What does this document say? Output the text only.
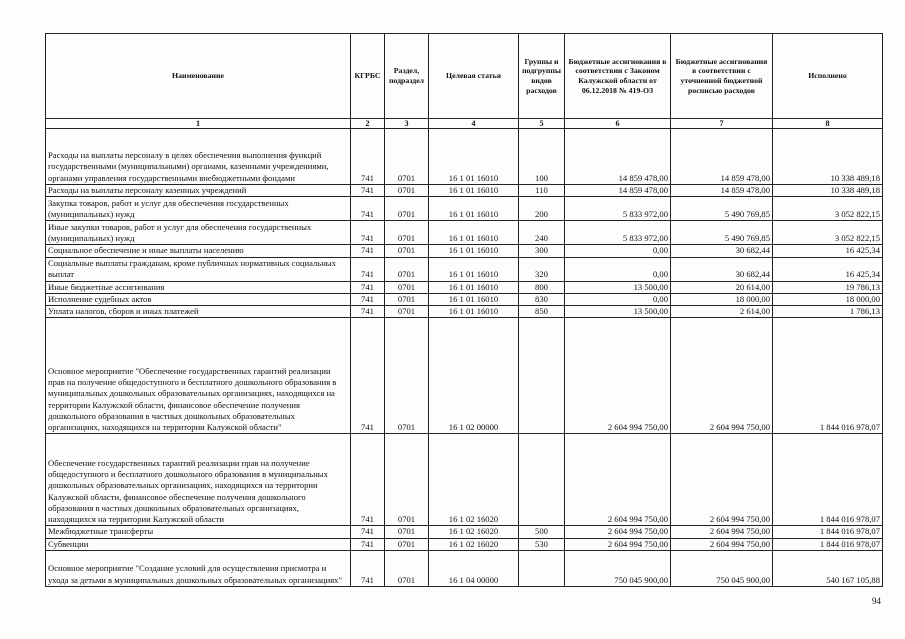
Наименование	КГРБС	Раздел, подраздел	Целевая статья	Группы и подгруппы видов расходов	Бюджетные ассигнования в соответствии с Законом Калужской области от 06.12.2018 № 419-ОЗ	Бюджетные ассигнования в соответствии с уточненной бюджетной росписью расходов	Исполнено
1	2	3	4	5	6	7	8
Расходы на выплаты персоналу в целях обеспечения выполнения функций государственными (муниципальными) органами, казенными учреждениями, органами управления государственными внебюджетными фондами	741	0701	16 1 01 16010	100	14 859 478,00	14 859 478,00	10 338 489,18
Расходы на выплаты персоналу казенных учреждений	741	0701	16 1 01 16010	110	14 859 478,00	14 859 478,00	10 338 489,18
Закупка товаров, работ и услуг для обеспечения государственных (муниципальных) нужд	741	0701	16 1 01 16010	200	5 833 972,00	5 490 769,85	3 052 822,15
Иные закупки товаров, работ и услуг для обеспечения государственных (муниципальных) нужд	741	0701	16 1 01 16010	240	5 833 972,00	5 490 769,85	3 052 822,15
Социальное обеспечение и иные выплаты населению	741	0701	16 1 01 16010	300	0,00	30 682,44	16 425,34
Социальные выплаты гражданам, кроме публичных нормативных социальных выплат	741	0701	16 1 01 16010	320	0,00	30 682,44	16 425,34
Иные бюджетные ассигнования	741	0701	16 1 01 16010	800	13 500,00	20 614,00	19 786,13
Исполнение судебных актов	741	0701	16 1 01 16010	830	0,00	18 000,00	18 000,00
Уплата налогов, сборов и иных платежей	741	0701	16 1 01 16010	850	13 500,00	2 614,00	1 786,13
Основное мероприятие "Обеспечение государственных гарантий реализации прав на получение общедоступного и бесплатного дошкольного образования в муниципальных дошкольных образовательных организациях, находящихся на территории Калужской области, финансовое обеспечение получения дошкольного образования в частных дошкольных образовательных организациях, находящихся на территории Калужской области"	741	0701	16 1 02 00000		2 604 994 750,00	2 604 994 750,00	1 844 016 978,07
Обеспечение государственных гарантий реализации прав на получение общедоступного и бесплатного дошкольного образования в муниципальных дошкольных образовательных организациях, находящихся на территории Калужской области, финансовое обеспечение получения дошкольного образования в частных дошкольных образовательных организациях, находящихся на территории Калужской области	741	0701	16 1 02 16020		2 604 994 750,00	2 604 994 750,00	1 844 016 978,07
Межбюджетные трансферты	741	0701	16 1 02 16020	500	2 604 994 750,00	2 604 994 750,00	1 844 016 978,07
Субвенции	741	0701	16 1 02 16020	530	2 604 994 750,00	2 604 994 750,00	1 844 016 978,07
Основное мероприятие "Создание условий для осуществления присмотра и ухода за детьми в муниципальных дошкольных образовательных организациях"	741	0701	16 1 04 00000		750 045 900,00	750 045 900,00	540 167 105,88
94
